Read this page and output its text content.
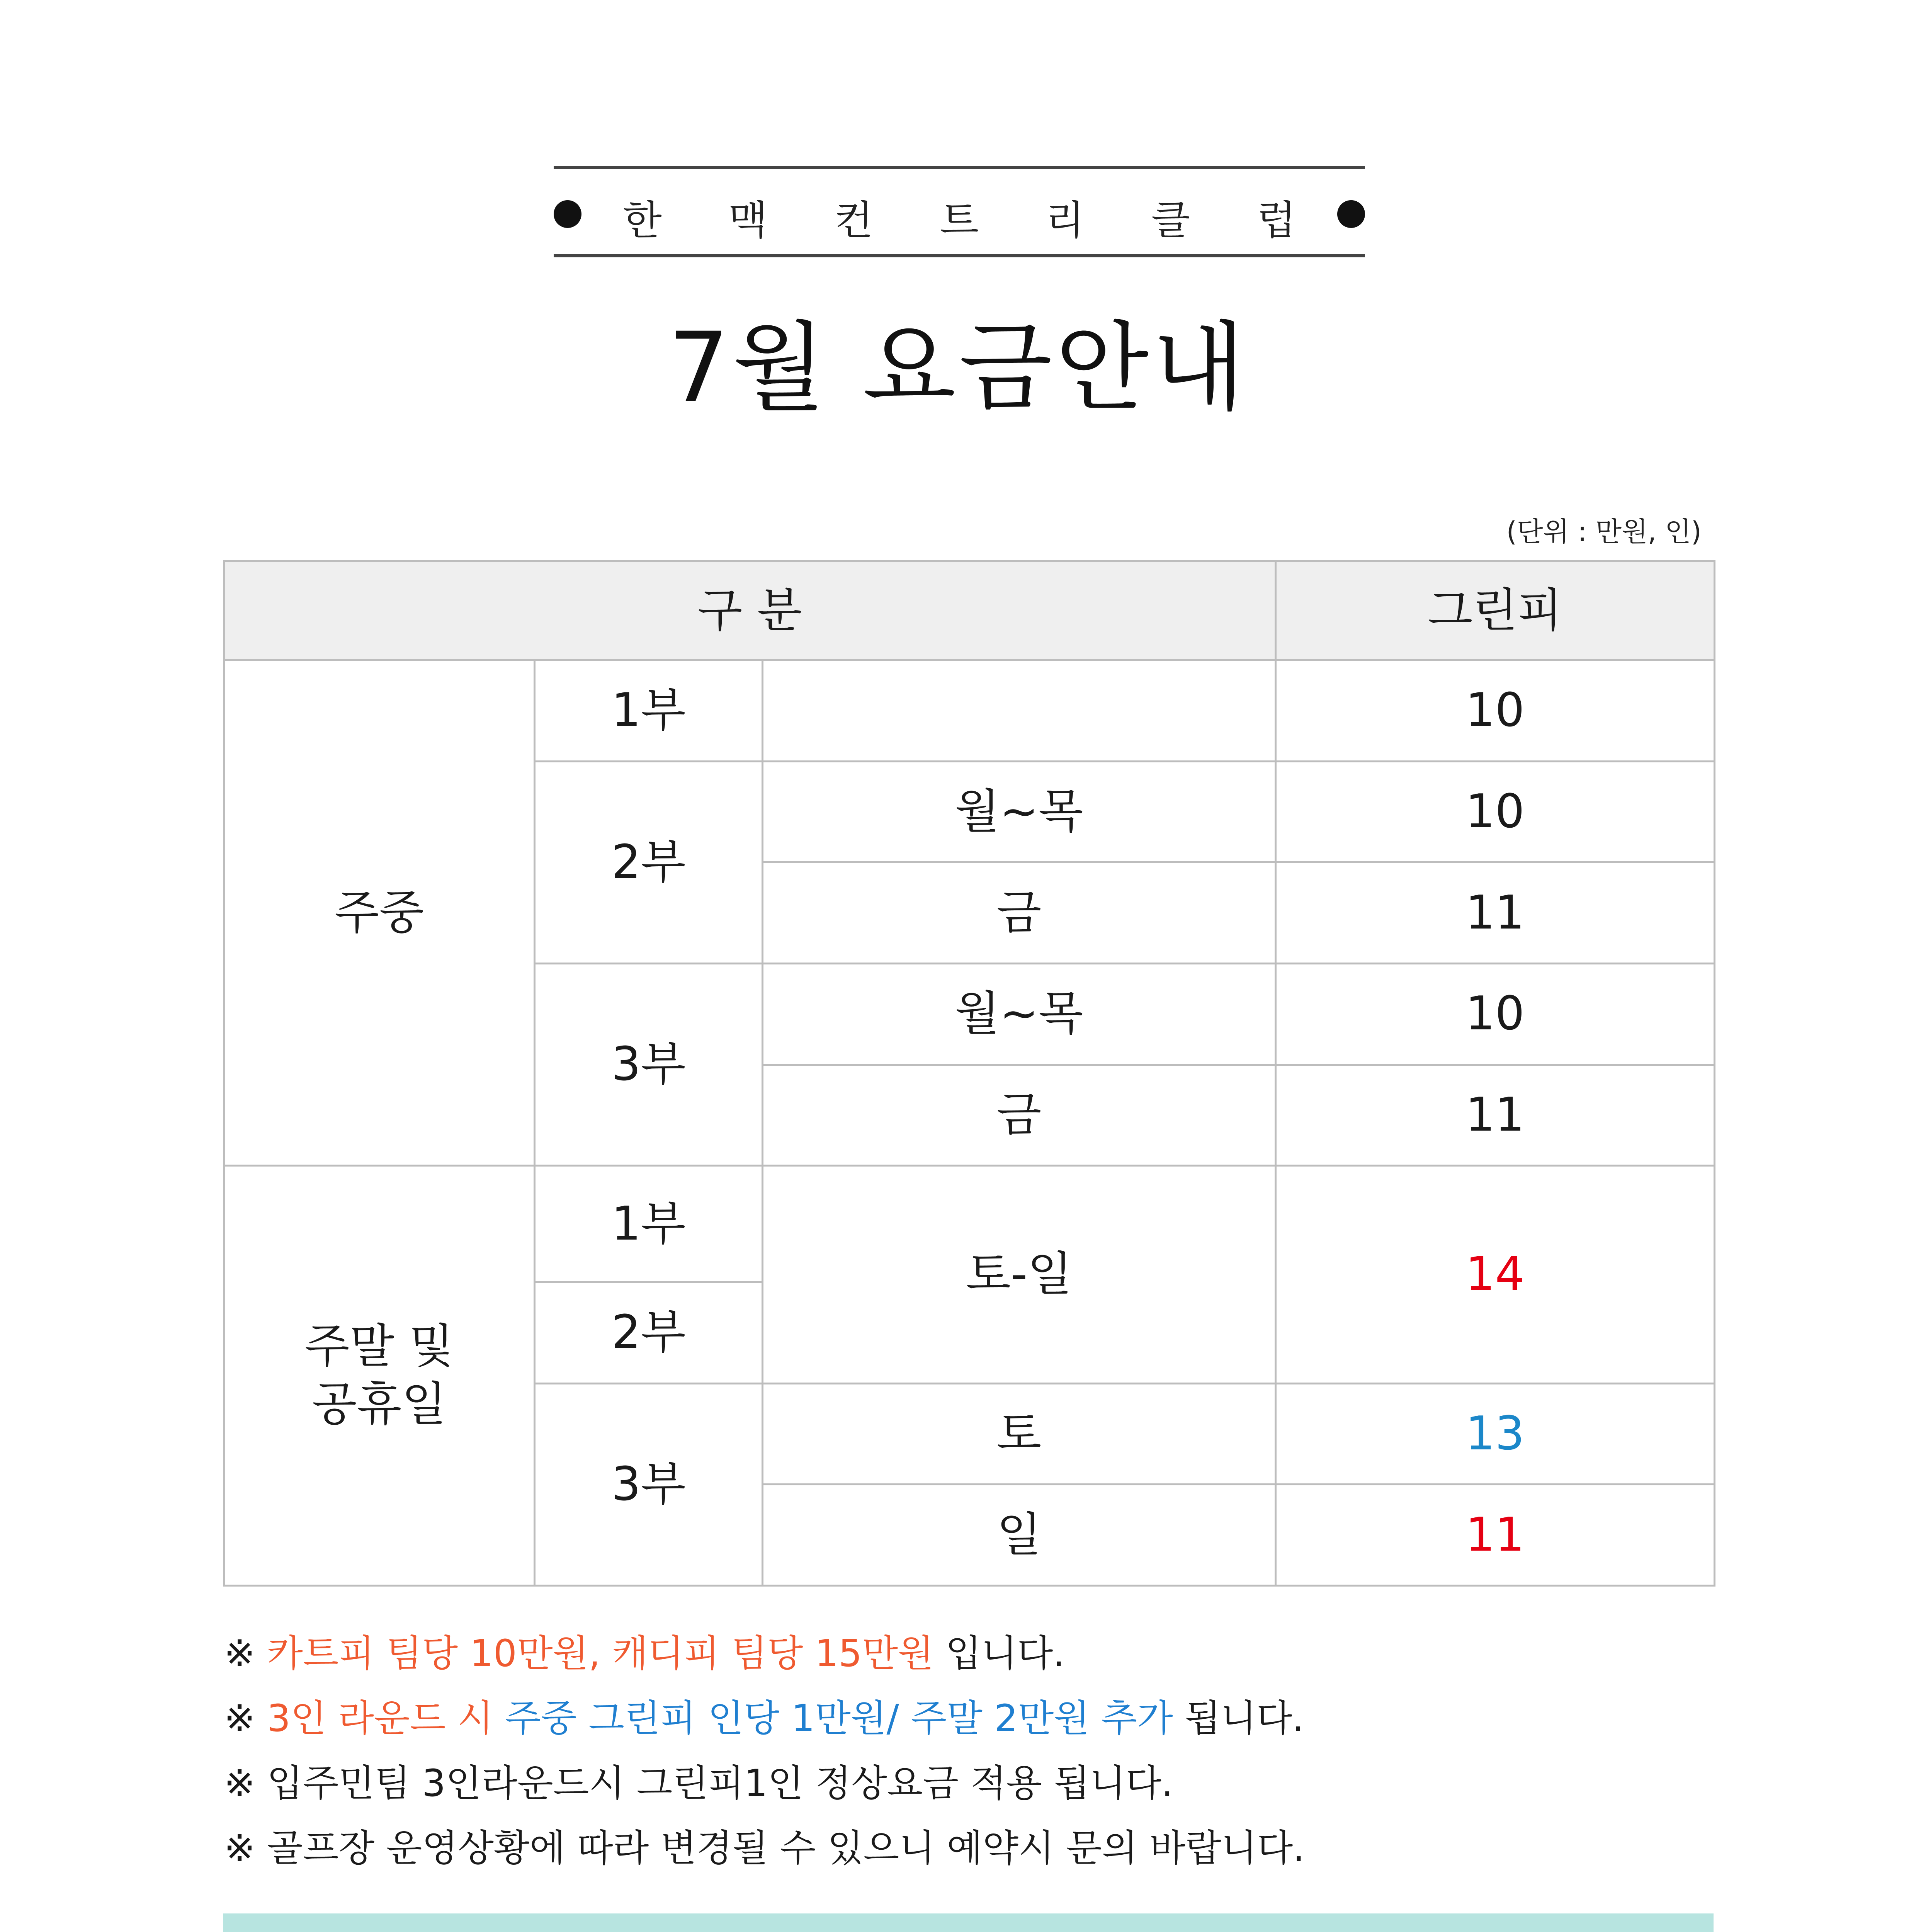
한 맥 컨 트 리 클 럽
7월 요금안내
(단위 : 만원, 인)
구 분			그린피
주중	1부		10
	2부	월~목	10
		금	11
	3부	월~목	10
		금	11
주말 및
공휴일	1부	토-일	14
	2부		
	3부	토	13
		일	11
※ 카트피 팀당 10만원, 캐디피 팀당 15만원 입니다.
※ 3인 라운드 시 주중 그린피 인당 1만원/ 주말 2만원 추가 됩니다.
※ 입주민팀 3인라운드시 그린피1인 정상요금 적용 됩니다.
※ 골프장 운영상황에 따라 변경될 수 있으니 예약시 문의 바랍니다.
